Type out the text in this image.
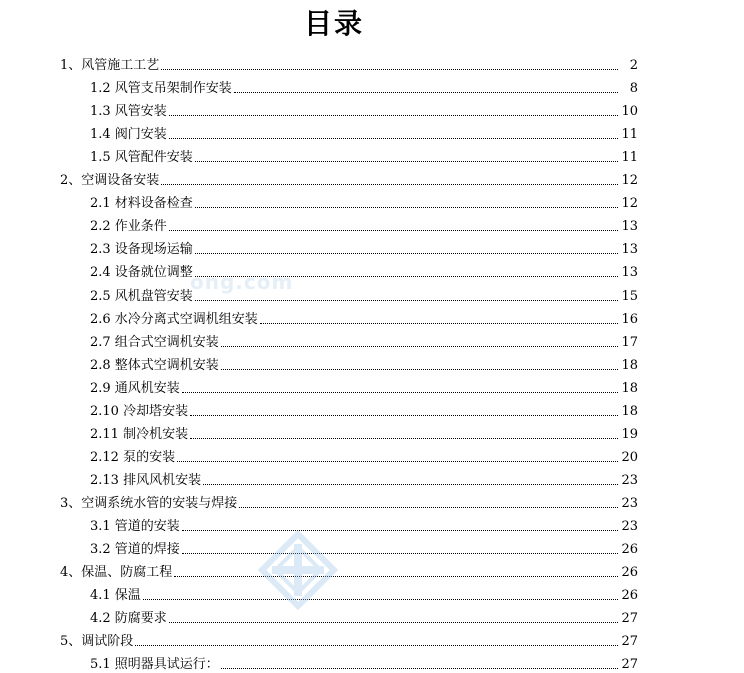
目录
1、风管施工工艺	2
1.2 风管支吊架制作安装	8
1.3 风管安装	10
1.4 阀门安装	11
1.5 风管配件安装	11
2、空调设备安装	12
2.1 材料设备检查	12
2.2 作业条件	13
2.3 设备现场运输	13
2.4 设备就位调整	13
2.5 风机盘管安装	15
2.6 水冷分离式空调机组安装	16
2.7 组合式空调机安装	17
2.8 整体式空调机安装	18
2.9 通风机安装	18
2.10 冷却塔安装	18
2.11 制冷机安装	19
2.12 泵的安装	20
2.13 排风风机安装	23
3、空调系统水管的安装与焊接	23
3.1 管道的安装	23
3.2 管道的焊接	26
4、保温、防腐工程	26
4.1 保温	26
4.2 防腐要求	27
5、调试阶段	27
5.1 照明器具试运行：	27
ong.com
